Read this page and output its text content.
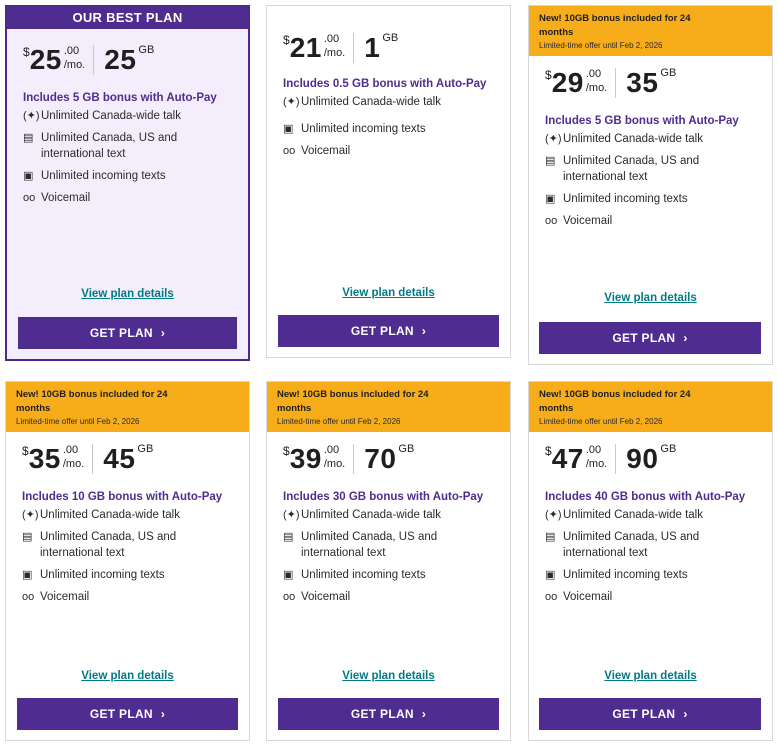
OUR BEST PLAN
$ 25 .00
/mo. 25 GB
Includes 5 GB bonus with Auto-Pay
(✦) Unlimited Canada-wide talk
▤ Unlimited Canada, US and international text
▣ Unlimited incoming texts
oo Voicemail
View plan details
GET PLAN ›
$ 21 .00
/mo. 1 GB
Includes 0.5 GB bonus with Auto-Pay
(✦) Unlimited Canada-wide talk
▣ Unlimited incoming texts
oo Voicemail
View plan details
GET PLAN ›
New! 10GB bonus included for 24 months
Limited-time offer until Feb 2, 2026
$ 29 .00
/mo. 35 GB
Includes 5 GB bonus with Auto-Pay
(✦) Unlimited Canada-wide talk
▤ Unlimited Canada, US and international text
▣ Unlimited incoming texts
oo Voicemail
View plan details
GET PLAN ›
New! 10GB bonus included for 24 months
Limited-time offer until Feb 2, 2026
$ 35 .00
/mo. 45 GB
Includes 10 GB bonus with Auto-Pay
(✦) Unlimited Canada-wide talk
▤ Unlimited Canada, US and international text
▣ Unlimited incoming texts
oo Voicemail
View plan details
GET PLAN ›
New! 10GB bonus included for 24 months
Limited-time offer until Feb 2, 2026
$ 39 .00
/mo. 70 GB
Includes 30 GB bonus with Auto-Pay
(✦) Unlimited Canada-wide talk
▤ Unlimited Canada, US and international text
▣ Unlimited incoming texts
oo Voicemail
View plan details
GET PLAN ›
New! 10GB bonus included for 24 months
Limited-time offer until Feb 2, 2026
$ 47 .00
/mo. 90 GB
Includes 40 GB bonus with Auto-Pay
(✦) Unlimited Canada-wide talk
▤ Unlimited Canada, US and international text
▣ Unlimited incoming texts
oo Voicemail
View plan details
GET PLAN ›
